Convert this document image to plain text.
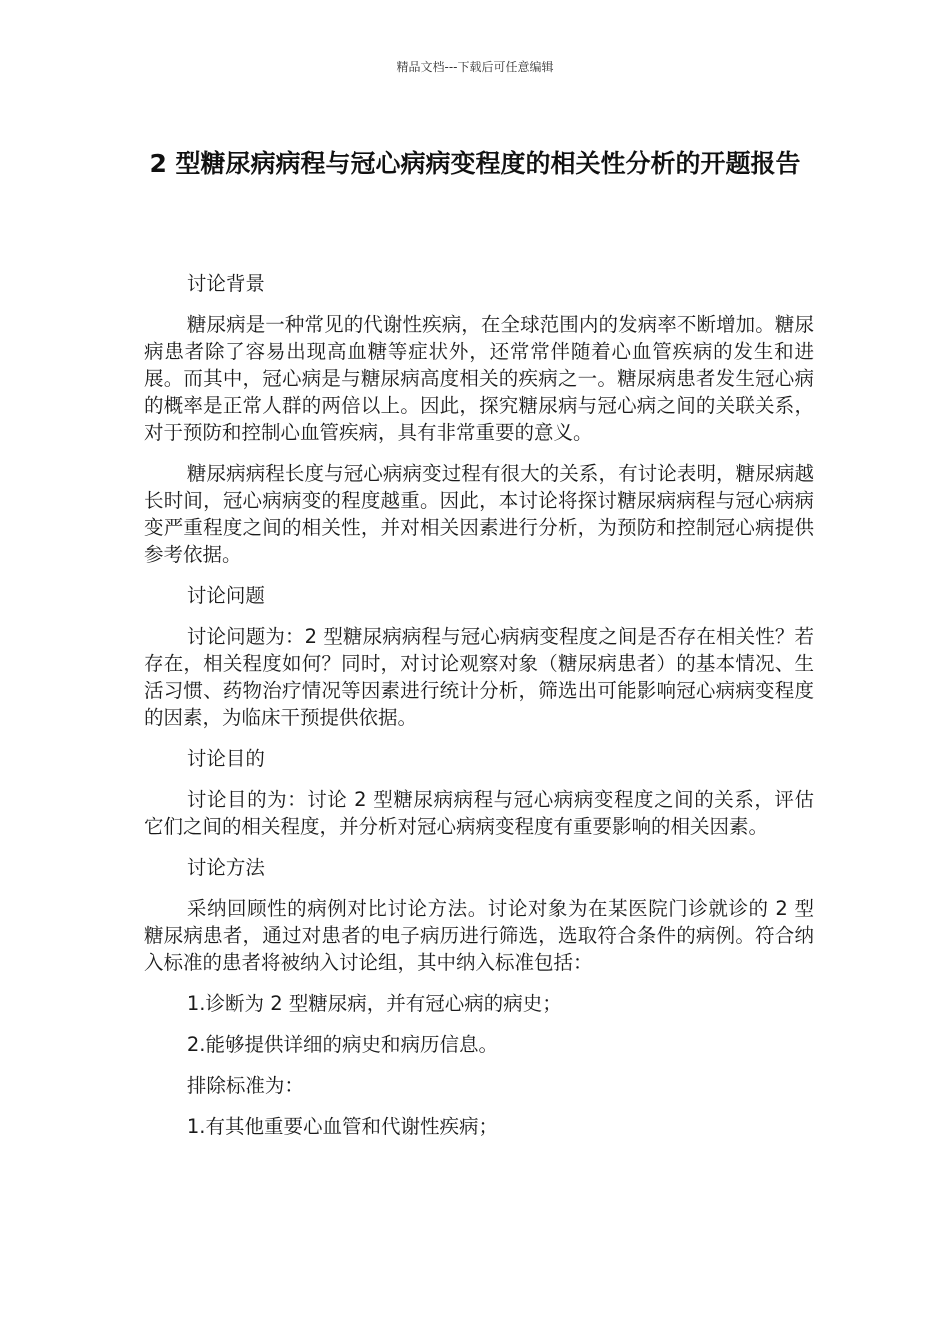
精品文档---下载后可任意编辑
2 型糖尿病病程与冠心病病变程度的相关性分析的开题报告

讨论背景

糖尿病是一种常见的代谢性疾病，在全球范围内的发病率不断增加。糖尿病患者除了容易出现高血糖等症状外，还常常伴随着心血管疾病的发生和进展。而其中，冠心病是与糖尿病高度相关的疾病之一。糖尿病患者发生冠心病的概率是正常人群的两倍以上。因此，探究糖尿病与冠心病之间的关联关系，对于预防和控制心血管疾病，具有非常重要的意义。

糖尿病病程长度与冠心病病变过程有很大的关系，有讨论表明，糖尿病越长时间，冠心病病变的程度越重。因此，本讨论将探讨糖尿病病程与冠心病病变严重程度之间的相关性，并对相关因素进行分析，为预防和控制冠心病提供参考依据。

讨论问题

讨论问题为：2 型糖尿病病程与冠心病病变程度之间是否存在相关性？若存在，相关程度如何？同时，对讨论观察对象（糖尿病患者）的基本情况、生活习惯、药物治疗情况等因素进行统计分析，筛选出可能影响冠心病病变程度的因素，为临床干预提供依据。

讨论目的

讨论目的为：讨论 2 型糖尿病病程与冠心病病变程度之间的关系，评估它们之间的相关程度，并分析对冠心病病变程度有重要影响的相关因素。

讨论方法

采纳回顾性的病例对比讨论方法。讨论对象为在某医院门诊就诊的 2 型糖尿病患者，通过对患者的电子病历进行筛选，选取符合条件的病例。符合纳入标准的患者将被纳入讨论组，其中纳入标准包括：

1.诊断为 2 型糖尿病，并有冠心病的病史；

2.能够提供详细的病史和病历信息。

排除标准为：

1.有其他重要心血管和代谢性疾病；
